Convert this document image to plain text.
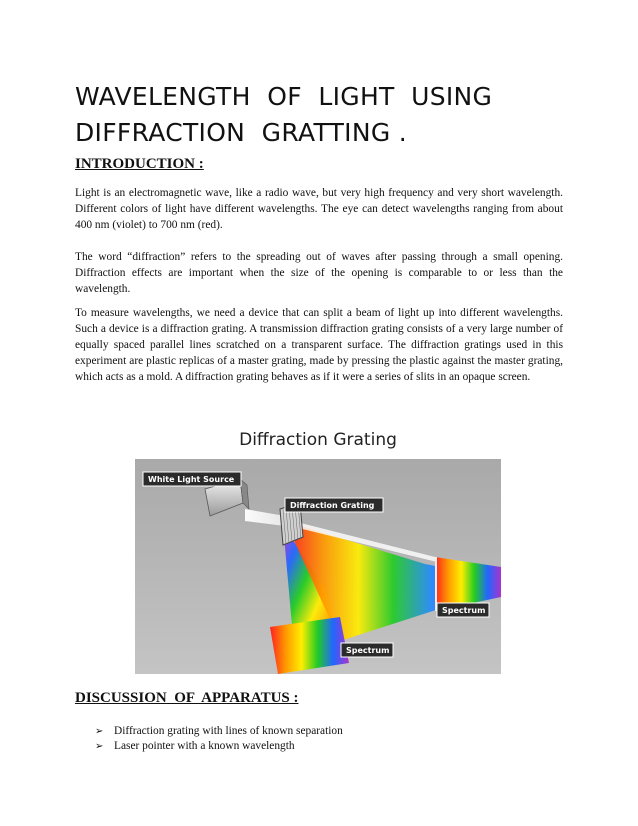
WAVELENGTH  OF  LIGHT  USING DIFFRACTION  GRATTING .
INTRODUCTION :

Light is an electromagnetic wave, like a radio wave, but very high frequency and very short wavelength. Different colors of light have different wavelengths. The eye can detect wavelengths ranging from about 400 nm (violet) to 700 nm (red).

The word “diffraction” refers to the spreading out of waves after passing through a small opening. Diffraction effects are important when the size of the opening is comparable to or less than the wavelength.

To measure wavelengths, we need a device that can split a beam of light up into different wavelengths. Such a device is a diffraction grating. A transmission diffraction grating consists of a very large number of equally spaced parallel lines scratched on a transparent surface. The diffraction gratings used in this experiment are plastic replicas of a master grating, made by pressing the plastic against the master grating, which acts as a mold. A diffraction grating behaves as if it were a series of slits in an opaque screen.

Diffraction Grating
White Light Source
Diffraction Grating
Spectrum
Spectrum
DISCUSSION  OF  APPARATUS :
➢ Diffraction grating with lines of known separation
➢ Laser pointer with a known wavelength
